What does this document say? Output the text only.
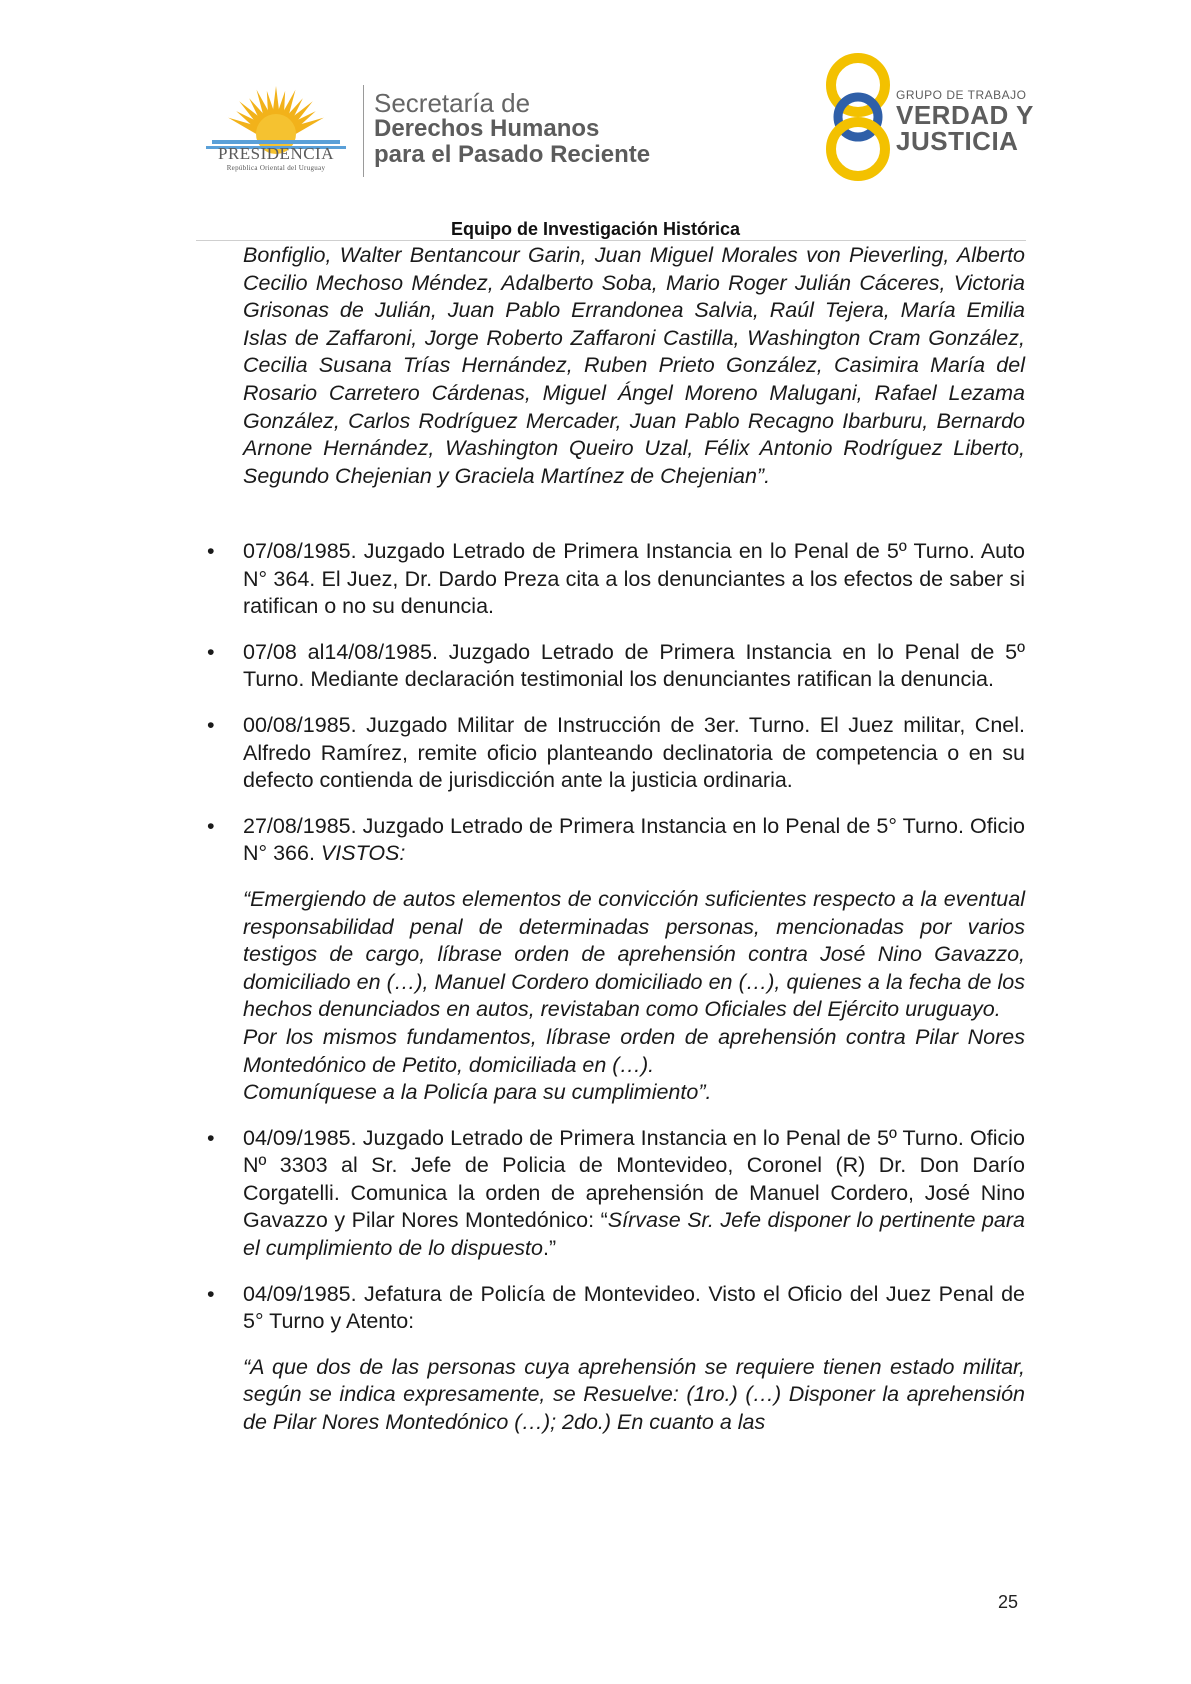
PRESIDENCIA
República Oriental del Uruguay
Secretaría de
Derechos Humanos
para el Pasado Reciente
GRUPO DE TRABAJO
VERDAD Y
JUSTICIA
Equipo de Investigación Histórica

Bonfiglio, Walter Bentancour Garin, Juan Miguel Morales von Pieverling, Alberto Cecilio Mechoso Méndez, Adalberto Soba, Mario Roger Julián Cáceres, Victoria Grisonas de Julián, Juan Pablo Errandonea Salvia, Raúl Tejera, María Emilia Islas de Zaffaroni, Jorge Roberto Zaffaroni Castilla, Washington Cram González, Cecilia Susana Trías Hernández, Ruben Prieto González, Casimira María del Rosario Carretero Cárdenas, Miguel Ángel Moreno Malugani, Rafael Lezama González, Carlos Rodríguez Mercader, Juan Pablo Recagno Ibarburu, Bernardo Arnone Hernández, Washington Queiro Uzal, Félix Antonio Rodríguez Liberto, Segundo Chejenian y Graciela Martínez de Chejenian”.

• 07/08/1985. Juzgado Letrado de Primera Instancia en lo Penal de 5º Turno. Auto N° 364. El Juez, Dr. Dardo Preza cita a los denunciantes a los efectos de saber si ratifican o no su denuncia.
• 07/08 al14/08/1985. Juzgado Letrado de Primera Instancia en lo Penal de 5º Turno. Mediante declaración testimonial los denunciantes ratifican la denuncia.
• 00/08/1985. Juzgado Militar de Instrucción de 3er. Turno. El Juez militar, Cnel. Alfredo Ramírez, remite oficio planteando declinatoria de competencia o en su defecto contienda de jurisdicción ante la justicia ordinaria.
• 27/08/1985. Juzgado Letrado de Primera Instancia en lo Penal de 5° Turno. Oficio N° 366. VISTOS:
“Emergiendo de autos elementos de convicción suficientes respecto a la eventual responsabilidad penal de determinadas personas, mencionadas por varios testigos de cargo, líbrase orden de aprehensión contra José Nino Gavazzo, domiciliado en (…), Manuel Cordero domiciliado en (…), quienes a la fecha de los hechos denunciados en autos, revistaban como Oficiales del Ejército uruguayo.
Por los mismos fundamentos, líbrase orden de aprehensión contra Pilar Nores Montedónico de Petito, domiciliada en (…).
Comuníquese a la Policía para su cumplimiento”.
• 04/09/1985. Juzgado Letrado de Primera Instancia en lo Penal de 5º Turno. Oficio Nº 3303 al Sr. Jefe de Policia de Montevideo, Coronel (R) Dr. Don Darío Corgatelli. Comunica la orden de aprehensión de Manuel Cordero, José Nino Gavazzo y Pilar Nores Montedónico: “Sírvase Sr. Jefe disponer lo pertinente para el cumplimiento de lo dispuesto.”
• 04/09/1985. Jefatura de Policía de Montevideo. Visto el Oficio del Juez Penal de 5° Turno y Atento:
“A que dos de las personas cuya aprehensión se requiere tienen estado militar, según se indica expresamente, se Resuelve: (1ro.) (…) Disponer la aprehensión de Pilar Nores Montedónico (…); 2do.) En cuanto a las
25
